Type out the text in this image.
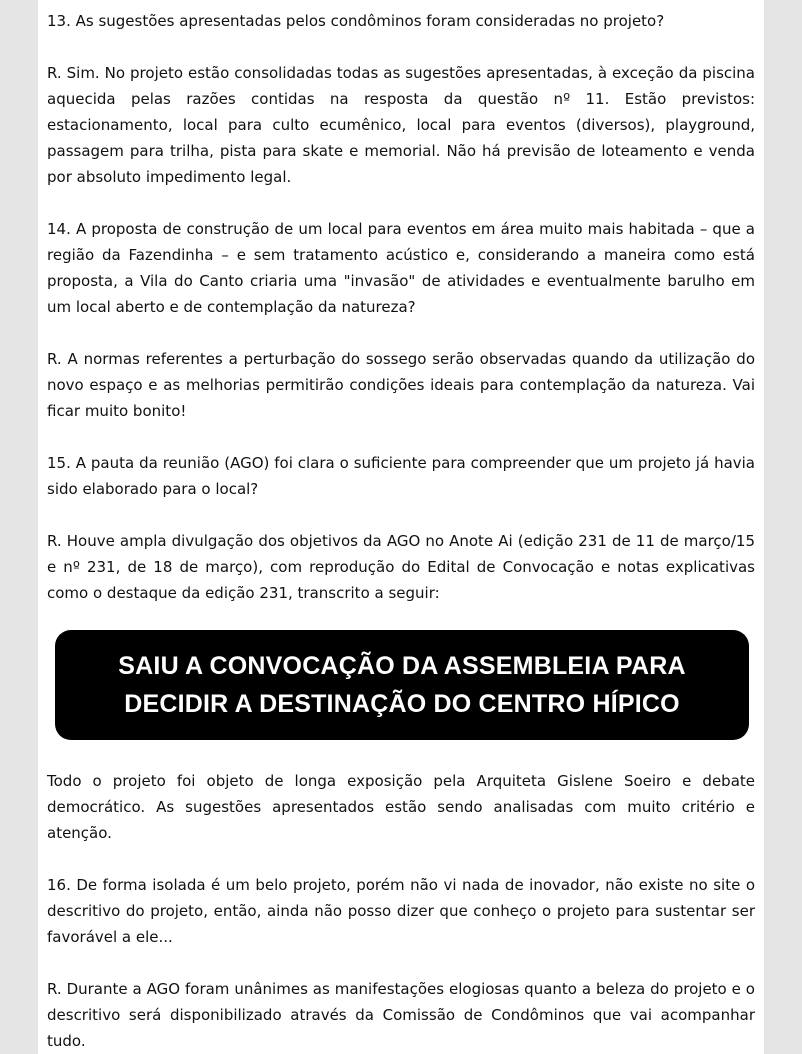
13. As sugestões apresentadas pelos condôminos foram consideradas no projeto?

R. Sim. No projeto estão consolidadas todas as sugestões apresentadas, à exceção da piscina aquecida pelas razões contidas na resposta da questão nº 11. Estão previstos: estacionamento, local para culto ecumênico, local para eventos (diversos), playground, passagem para trilha, pista para skate e memorial. Não há previsão de loteamento e venda por absoluto impedimento legal.

14. A proposta de construção de um local para eventos em área muito mais habitada – que a região da Fazendinha – e sem tratamento acústico e, considerando a maneira como está proposta, a Vila do Canto criaria uma "invasão" de atividades e eventualmente barulho em um local aberto e de contemplação da natureza?

R. A normas referentes a perturbação do sossego serão observadas quando da utilização do novo espaço e as melhorias permitirão condições ideais para contemplação da natureza. Vai ficar muito bonito!

15. A pauta da reunião (AGO) foi clara o suficiente para compreender que um projeto já havia sido elaborado para o local?

R. Houve ampla divulgação dos objetivos da AGO no Anote Ai (edição 231 de 11 de março/15 e nº 231, de 18 de março), com reprodução do Edital de Convocação e notas explicativas como o destaque da edição 231, transcrito a seguir:

SAIU A CONVOCAÇÃO DA ASSEMBLEIA PARA
DECIDIR A DESTINAÇÃO DO CENTRO HÍPICO

Todo o projeto foi objeto de longa exposição pela Arquiteta Gislene Soeiro e debate democrático. As sugestões apresentados estão sendo analisadas com muito critério e atenção.

16. De forma isolada é um belo projeto, porém não vi nada de inovador, não existe no site o descritivo do projeto, então, ainda não posso dizer que conheço o projeto para sustentar ser favorável a ele...

R. Durante a AGO foram unânimes as manifestações elogiosas quanto a beleza do projeto e o descritivo será disponibilizado através da Comissão de Condôminos que vai acompanhar tudo.
